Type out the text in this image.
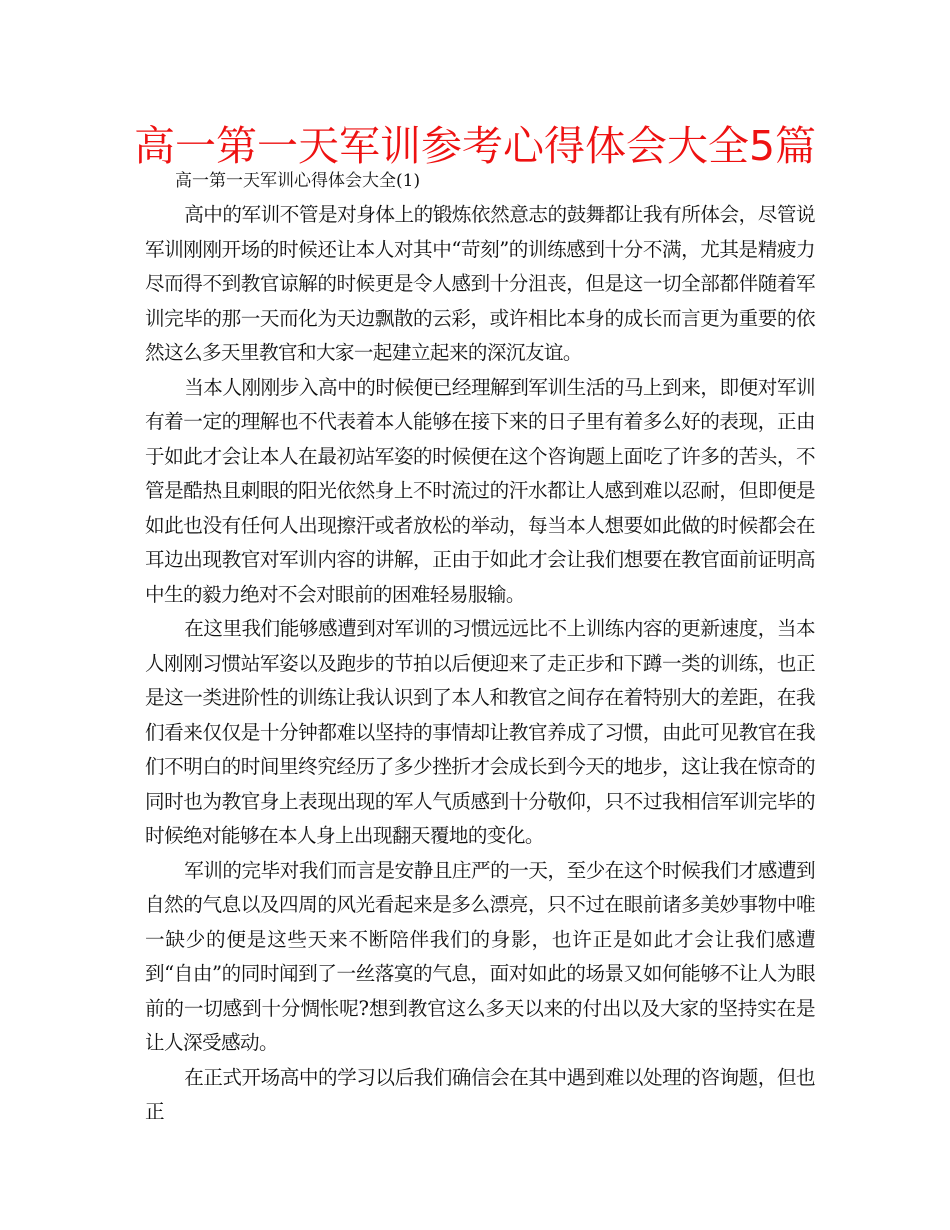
高一第一天军训参考心得体会大全5篇

高一第一天军训心得体会大全(1)

高中的军训不管是对身体上的锻炼依然意志的鼓舞都让我有所体会，尽管说军训刚刚开场的时候还让本人对其中“苛刻”的训练感到十分不满，尤其是精疲力尽而得不到教官谅解的时候更是令人感到十分沮丧，但是这一切全部都伴随着军训完毕的那一天而化为天边飘散的云彩，或许相比本身的成长而言更为重要的依然这么多天里教官和大家一起建立起来的深沉友谊。

当本人刚刚步入高中的时候便已经理解到军训生活的马上到来，即便对军训有着一定的理解也不代表着本人能够在接下来的日子里有着多么好的表现，正由于如此才会让本人在最初站军姿的时候便在这个咨询题上面吃了许多的苦头，不管是酷热且刺眼的阳光依然身上不时流过的汗水都让人感到难以忍耐，但即便是如此也没有任何人出现擦汗或者放松的举动，每当本人想要如此做的时候都会在耳边出现教官对军训内容的讲解，正由于如此才会让我们想要在教官面前证明高中生的毅力绝对不会对眼前的困难轻易服输。

在这里我们能够感遭到对军训的习惯远远比不上训练内容的更新速度，当本人刚刚习惯站军姿以及跑步的节拍以后便迎来了走正步和下蹲一类的训练，也正是这一类进阶性的训练让我认识到了本人和教官之间存在着特别大的差距，在我们看来仅仅是十分钟都难以坚持的事情却让教官养成了习惯，由此可见教官在我们不明白的时间里终究经历了多少挫折才会成长到今天的地步，这让我在惊奇的同时也为教官身上表现出现的军人气质感到十分敬仰，只不过我相信军训完毕的时候绝对能够在本人身上出现翻天覆地的变化。

军训的完毕对我们而言是安静且庄严的一天，至少在这个时候我们才感遭到自然的气息以及四周的风光看起来是多么漂亮，只不过在眼前诸多美妙事物中唯一缺少的便是这些天来不断陪伴我们的身影，也许正是如此才会让我们感遭到“自由”的同时闻到了一丝落寞的气息，面对如此的场景又如何能够不让人为眼前的一切感到十分惆怅呢?想到教官这么多天以来的付出以及大家的坚持实在是让人深受感动。

在正式开场高中的学习以后我们确信会在其中遇到难以处理的咨询题，但也正
